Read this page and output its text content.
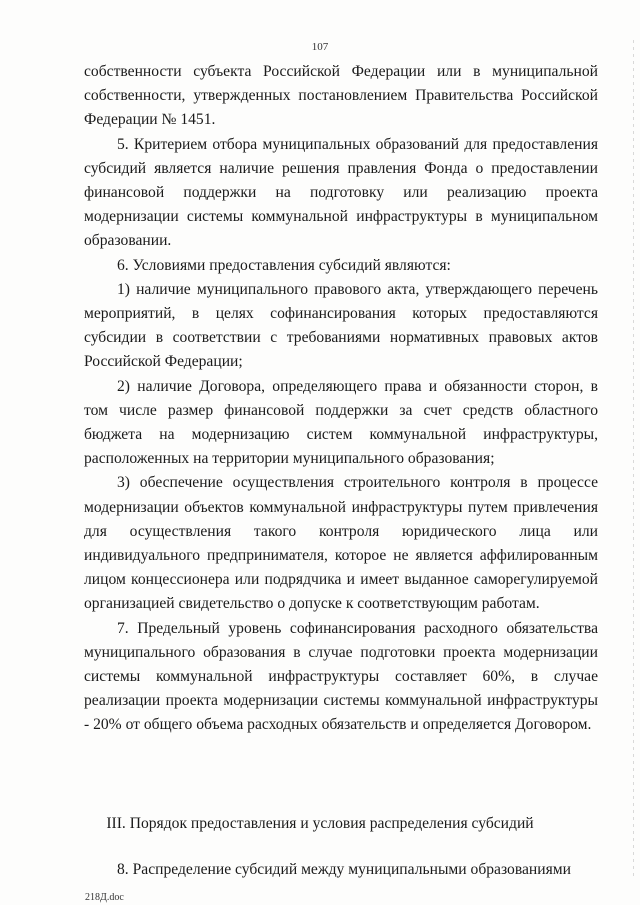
107

собственности субъекта Российской Федерации или в муниципальной собственности, утвержденных постановлением Правительства Российской Федерации № 1451.

5. Критерием отбора муниципальных образований для предоставления субсидий является наличие решения правления Фонда о предоставлении финансовой поддержки на подготовку или реализацию проекта модернизации системы коммунальной инфраструктуры в муниципальном образовании.

6. Условиями предоставления субсидий являются:

1) наличие муниципального правового акта, утверждающего перечень мероприятий, в целях софинансирования которых предоставляются субсидии в соответствии с требованиями нормативных правовых актов Российской Федерации;

2) наличие Договора, определяющего права и обязанности сторон, в том числе размер финансовой поддержки за счет средств областного бюджета на модернизацию систем коммунальной инфраструктуры, расположенных на территории муниципального образования;

3) обеспечение осуществления строительного контроля в процессе модернизации объектов коммунальной инфраструктуры путем привлечения для осуществления такого контроля юридического лица или индивидуального предпринимателя, которое не является аффилированным лицом концессионера или подрядчика и имеет выданное саморегулируемой организацией свидетельство о допуске к соответствующим работам.

7. Предельный уровень софинансирования расходного обязательства муниципального образования в случае подготовки проекта модернизации системы коммунальной инфраструктуры составляет 60%, в случае реализации проекта модернизации системы коммунальной инфраструктуры - 20% от общего объема расходных обязательств и определяется Договором.

III. Порядок предоставления и условия распределения субсидий
8. Распределение субсидий между муниципальными образованиями
218Д.doc
